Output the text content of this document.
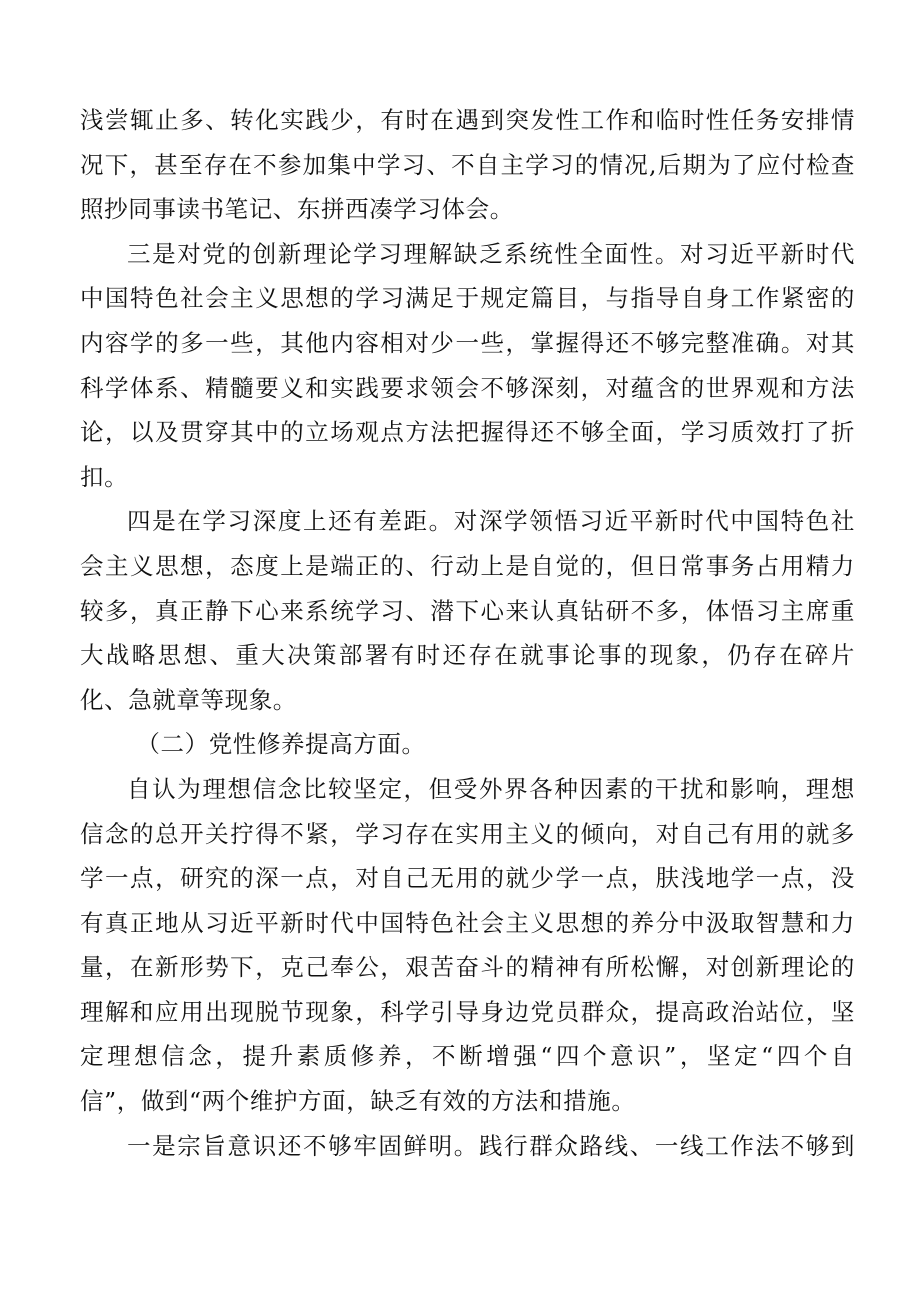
浅尝辄止多、转化实践少，有时在遇到突发性工作和临时性任务安排情
况下，甚至存在不参加集中学习、不自主学习的情况,后期为了应付检查
照抄同事读书笔记、东拼西凑学习体会。
三是对党的创新理论学习理解缺乏系统性全面性。对习近平新时代
中国特色社会主义思想的学习满足于规定篇目，与指导自身工作紧密的
内容学的多一些，其他内容相对少一些，掌握得还不够完整准确。对其
科学体系、精髓要义和实践要求领会不够深刻，对蕴含的世界观和方法
论，以及贯穿其中的立场观点方法把握得还不够全面，学习质效打了折
扣。
四是在学习深度上还有差距。对深学领悟习近平新时代中国特色社
会主义思想，态度上是端正的、行动上是自觉的，但日常事务占用精力
较多，真正静下心来系统学习、潜下心来认真钻研不多，体悟习主席重
大战略思想、重大决策部署有时还存在就事论事的现象，仍存在碎片
化、急就章等现象。
（二）党性修养提高方面。
自认为理想信念比较坚定，但受外界各种因素的干扰和影响，理想
信念的总开关拧得不紧，学习存在实用主义的倾向，对自己有用的就多
学一点，研究的深一点，对自己无用的就少学一点，肤浅地学一点，没
有真正地从习近平新时代中国特色社会主义思想的养分中汲取智慧和力
量，在新形势下，克己奉公，艰苦奋斗的精神有所松懈，对创新理论的
理解和应用出现脱节现象，科学引导身边党员群众，提高政治站位，坚
定理想信念，提升素质修养，不断增强“四个意识”，坚定“四个自
信”，做到“两个维护方面，缺乏有效的方法和措施。
一是宗旨意识还不够牢固鲜明。践行群众路线、一线工作法不够到
